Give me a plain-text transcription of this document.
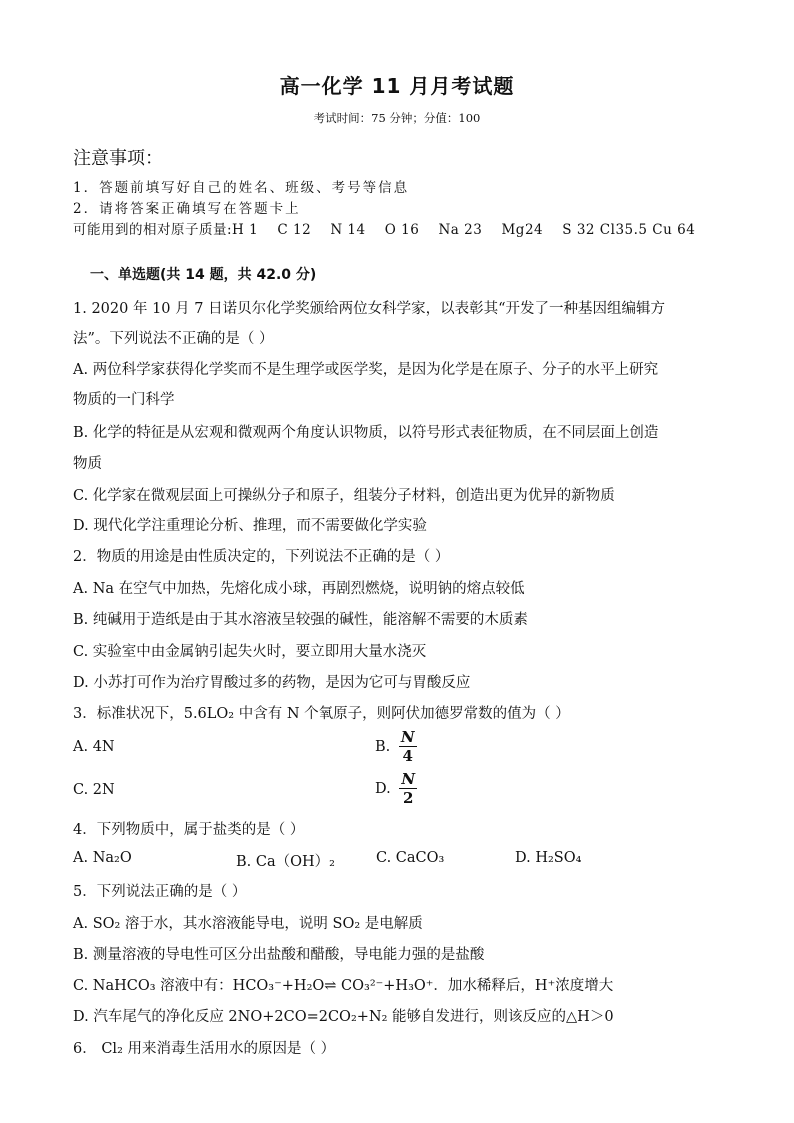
高一化学 11 月月考试题
考试时间：75 分钟；分值：100
注意事项：
1．答题前填写好自己的姓名、班级、考号等信息
2．请将答案正确填写在答题卡上
可能用到的相对原子质量:H 1    C 12    N 14    O 16    Na 23    Mg24    S 32 Cl35.5 Cu 64
一、单选题(共 14 题，共 42.0 分)
1. 2020 年 10 月 7 日诺贝尔化学奖颁给两位女科学家，以表彰其“开发了一种基因组编辑方
法”。下列说法不正确的是（ ）
A. 两位科学家获得化学奖而不是生理学或医学奖，是因为化学是在原子、分子的水平上研究
物质的一门科学
B. 化学的特征是从宏观和微观两个角度认识物质，以符号形式表征物质，在不同层面上创造
物质
C. 化学家在微观层面上可操纵分子和原子，组装分子材料，创造出更为优异的新物质
D. 现代化学注重理论分析、推理，而不需要做化学实验
2．物质的用途是由性质决定的，下列说法不正确的是（ ）
A. Na 在空气中加热，先熔化成小球，再剧烈燃烧，说明钠的熔点较低
B. 纯碱用于造纸是由于其水溶液呈较强的碱性，能溶解不需要的木质素
C. 实验室中由金属钠引起失火时，要立即用大量水浇灭
D. 小苏打可作为治疗胃酸过多的药物，是因为它可与胃酸反应
3．标准状况下，5.6LO₂ 中含有 N 个氧原子，则阿伏加德罗常数的值为（ ）
A. 4N	B. $\frac{N}{4}$
C. 2N	D. $\frac{N}{2}$
4．下列物质中，属于盐类的是（ ）
A. Na₂O	B. Ca（OH）₂	C. CaCO₃	D. H₂SO₄
5．下列说法正确的是（ ）
A. SO₂ 溶于水，其水溶液能导电，说明 SO₂ 是电解质
B. 测量溶液的导电性可区分出盐酸和醋酸，导电能力强的是盐酸
C. NaHCO₃ 溶液中有：HCO₃⁻+H₂O⇌ CO₃²⁻+H₃O⁺．加水稀释后，H⁺浓度增大
D. 汽车尾气的净化反应 2NO+2CO=2CO₂+N₂ 能够自发进行，则该反应的△H＞0
6． Cl₂ 用来消毒生活用水的原因是（ ）
